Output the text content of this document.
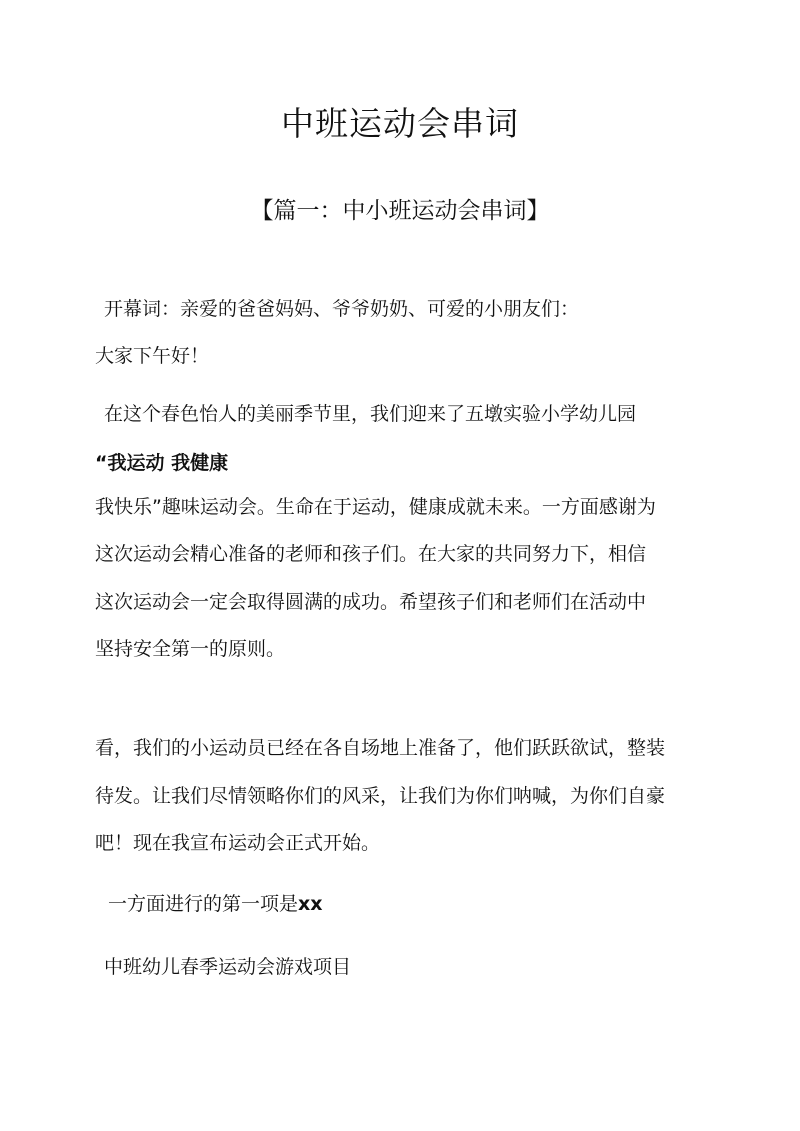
中班运动会串词
【篇一：中小班运动会串词】
开幕词：亲爱的爸爸妈妈、爷爷奶奶、可爱的小朋友们：
大家下午好！
在这个春色怡人的美丽季节里，我们迎来了五墩实验小学幼儿园
“我运动 我健康
我快乐”趣味运动会。生命在于运动，健康成就未来。一方面感谢为
这次运动会精心准备的老师和孩子们。在大家的共同努力下，相信
这次运动会一定会取得圆满的成功。希望孩子们和老师们在活动中
坚持安全第一的原则。
看，我们的小运动员已经在各自场地上准备了，他们跃跃欲试，整装
待发。让我们尽情领略你们的风采，让我们为你们呐喊，为你们自豪
吧！现在我宣布运动会正式开始。
一方面进行的第一项是xx
中班幼儿春季运动会游戏项目
